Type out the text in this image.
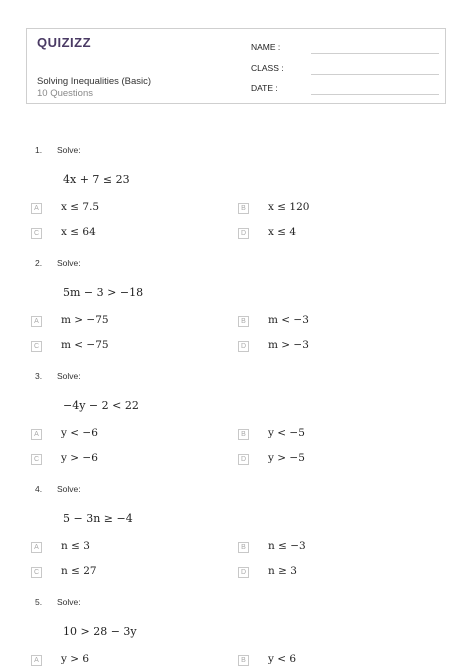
QUIZIZZ
Solving Inequalities (Basic)
10 Questions
NAME :
CLASS :
DATE :
1. Solve:
4x + 7 ≤ 23
A	x ≤ 7.5	B	x ≤ 120
C x ≤ 64	D x ≤ 4
2. Solve:
5m − 3 > −18
A	m > −75	B	m < −3
C m < −75	D m > −3
3. Solve:
−4y − 2 < 22
A	y < −6	B	y < −5
C y > −6	D y > −5
4. Solve:
5 − 3n ≥ −4
A	n ≤ 3	B	n ≤ −3
C n ≤ 27	D n ≥ 3
5. Solve:
10 > 28 − 3y
A	y > 6	B	y < 6
